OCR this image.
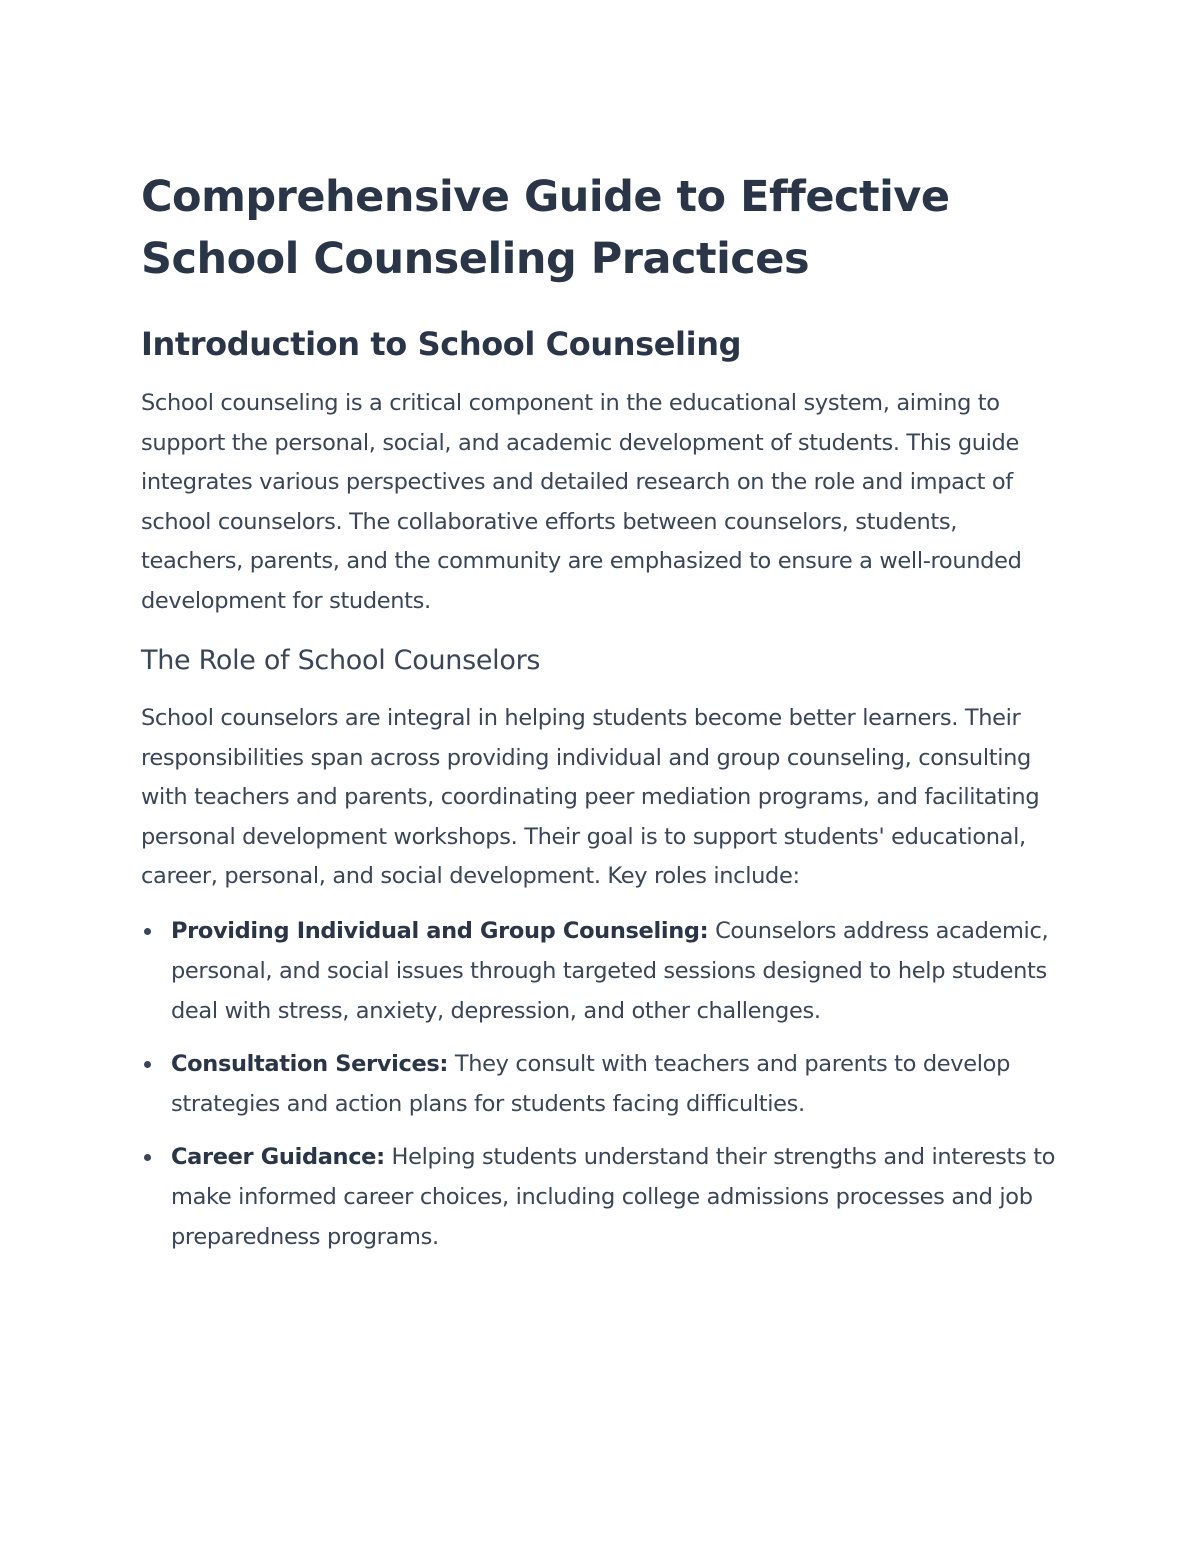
Comprehensive Guide to Effective School Counseling Practices
Introduction to School Counseling

School counseling is a critical component in the educational system, aiming to support the personal, social, and academic development of students. This guide integrates various perspectives and detailed research on the role and impact of school counselors. The collaborative efforts between counselors, students, teachers, parents, and the community are emphasized to ensure a well-rounded development for students.

The Role of School Counselors

School counselors are integral in helping students become better learners. Their responsibilities span across providing individual and group counseling, consulting with teachers and parents, coordinating peer mediation programs, and facilitating personal development workshops. Their goal is to support students' educational, career, personal, and social development. Key roles include:

Providing Individual and Group Counseling: Counselors address academic, personal, and social issues through targeted sessions designed to help students deal with stress, anxiety, depression, and other challenges.
Consultation Services: They consult with teachers and parents to develop strategies and action plans for students facing difficulties.
Career Guidance: Helping students understand their strengths and interests to make informed career choices, including college admissions processes and job preparedness programs.
